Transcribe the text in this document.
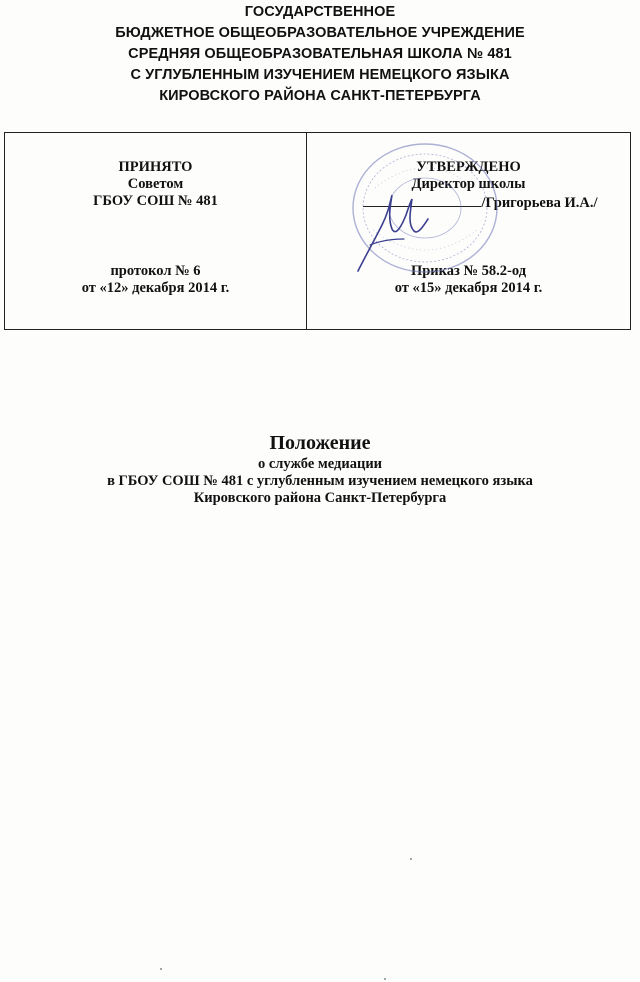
ГОСУДАРСТВЕННОЕ
БЮДЖЕТНОЕ ОБЩЕОБРАЗОВАТЕЛЬНОЕ УЧРЕЖДЕНИЕ
СРЕДНЯЯ ОБЩЕОБРАЗОВАТЕЛЬНАЯ ШКОЛА № 481
С УГЛУБЛЕННЫМ ИЗУЧЕНИЕМ НЕМЕЦКОГО ЯЗЫКА
КИРОВСКОГО РАЙОНА САНКТ-ПЕТЕРБУРГА
ПРИНЯТО
Советом
ГБОУ СОШ № 481
протокол № 6
от «12» декабря 2014 г.
УТВЕРЖДЕНО
Директор школы
/Григорьева И.А./
Приказ № 58.2-од
от «15» декабря 2014 г.
Положение
о службе медиации
в ГБОУ СОШ № 481 с углубленным изучением немецкого языка
Кировского района Санкт-Петербурга
